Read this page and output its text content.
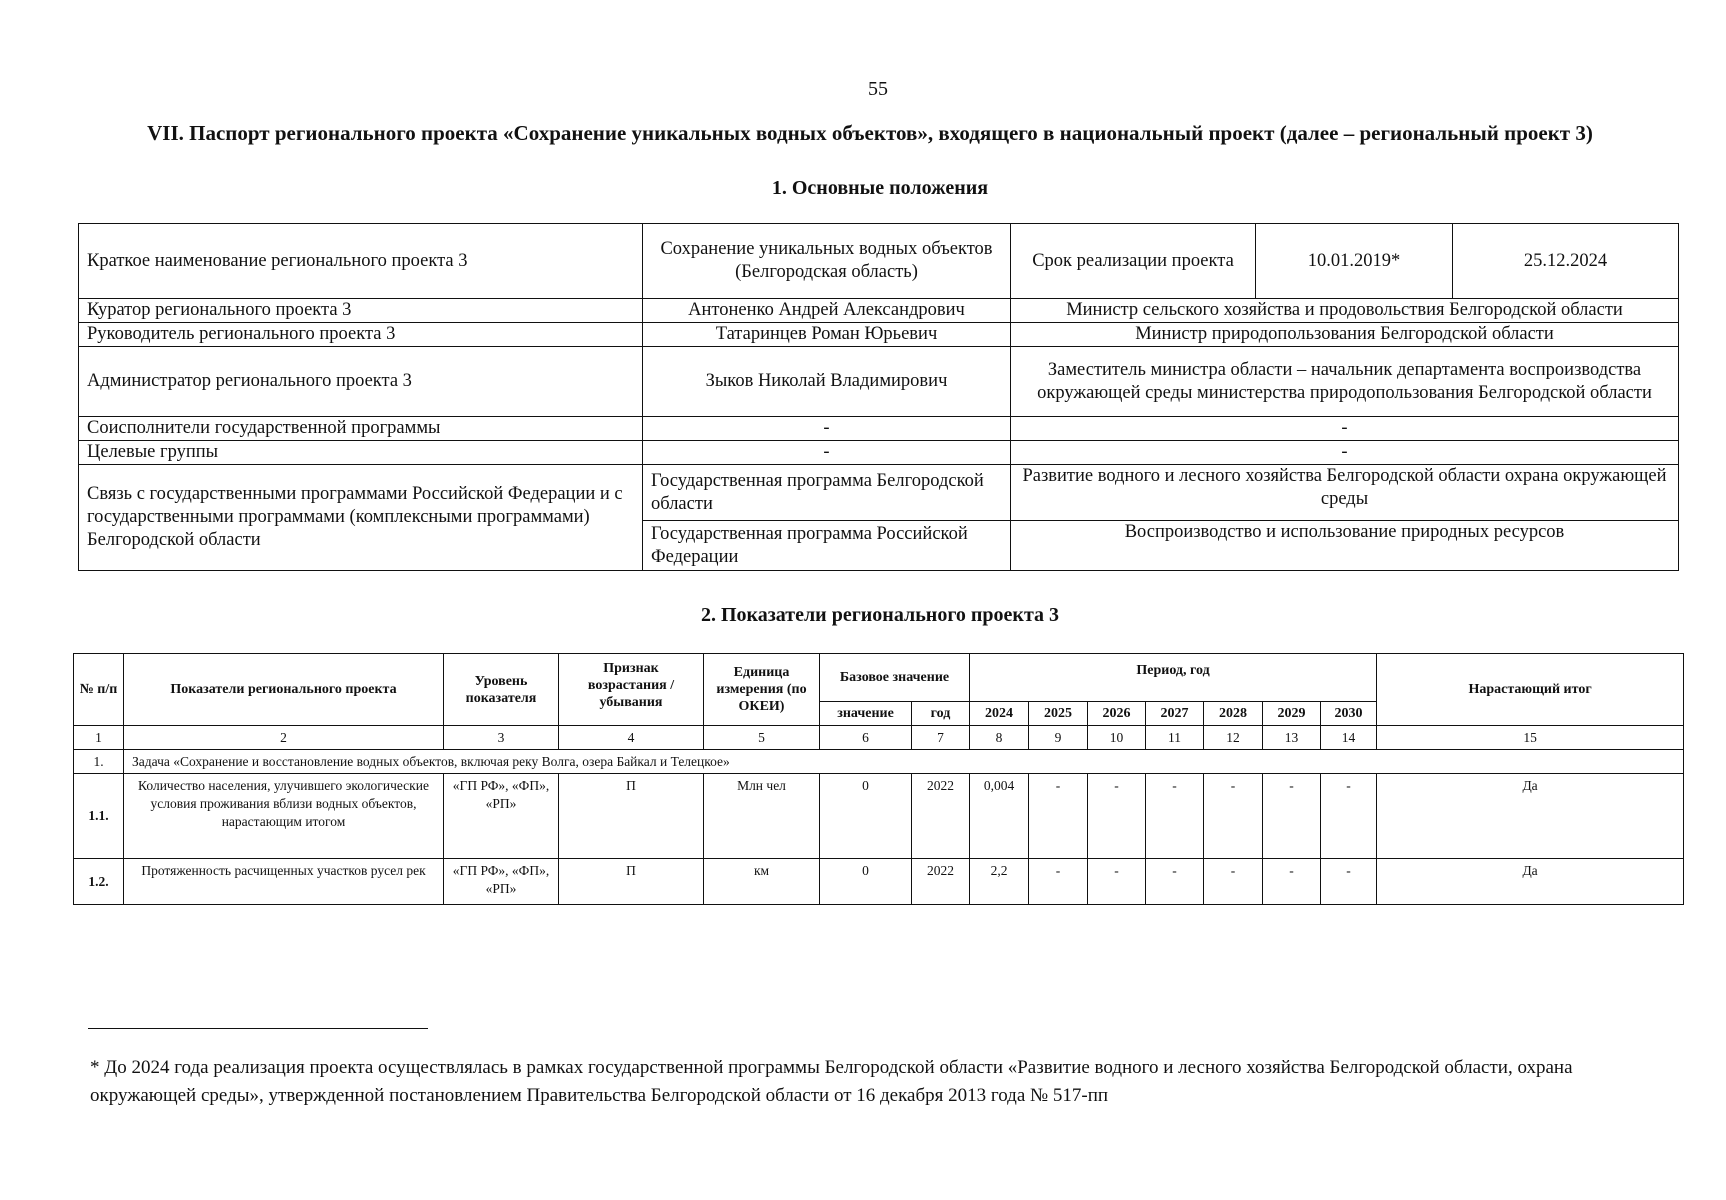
55
VII. Паспорт регионального проекта «Сохранение уникальных водных объектов», входящего в национальный проект (далее – региональный проект 3)
1. Основные положения
Краткое наименование регионального проекта 3	Сохранение уникальных водных объектов (Белгородская область)	Срок реализации проекта	10.01.2019*	25.12.2024
Куратор регионального проекта 3	Антоненко Андрей Александрович	Министр сельского хозяйства и продовольствия Белгородской области		
Руководитель регионального проекта 3	Татаринцев Роман Юрьевич	Министр природопользования Белгородской области		
Администратор регионального проекта 3	Зыков Николай Владимирович	Заместитель министра области – начальник департамента воспроизводства окружающей среды министерства природопользования Белгородской области		
Соисполнители государственной программы	-	-		
Целевые группы	-	-		
Связь с государственными программами Российской Федерации и с государственными программами (комплексными программами) Белгородской области	Государственная программа Белгородской области	Развитие водного и лесного хозяйства Белгородской области охрана окружающей среды		
	Государственная программа Российской Федерации	Воспроизводство и использование природных ресурсов		
2. Показатели регионального проекта 3
№ п/п	Показатели регионального проекта	Уровень показателя	Признак возрастания / убывания	Единица измерения (по ОКЕИ)	Базовое значение		Период, год							Нарастающий итог
					значение	год	2024	2025	2026	2027	2028	2029	2030	
1	2	3	4	5	6	7	8	9	10	11	12	13	14	15
1.	Задача «Сохранение и восстановление водных объектов, включая реку Волга, озера Байкал и Телецкое»													
1.1.	Количество населения, улучившего экологические условия проживания вблизи водных объектов, нарастающим итогом	«ГП РФ», «ФП», «РП»	П	Млн чел	0	2022	0,004	-	-	-	-	-	-	Да
1.2.	Протяженность расчищенных участков русел рек	«ГП РФ», «ФП», «РП»	П	км	0	2022	2,2	-	-	-	-	-	-	Да
* До 2024 года реализация проекта осуществлялась в рамках государственной программы Белгородской области «Развитие водного и лесного хозяйства Белгородской области, охрана окружающей среды», утвержденной постановлением Правительства Белгородской области от 16 декабря 2013 года № 517-пп
